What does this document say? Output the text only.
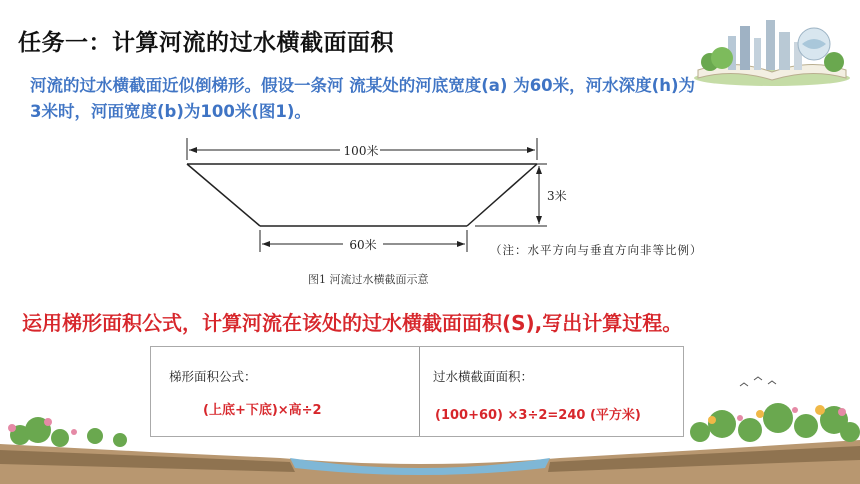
任务一：计算河流的过水横截面面积
河流的过水横截面近似倒梯形。假设一条河 流某处的河底宽度(a) 为60米，河水深度(h)为3米时，河面宽度(b)为100米(图1)。
100米
3米
60米	（注：水平方向与垂直方向非等比例）
图1 河流过水横截面示意
运用梯形面积公式，计算河流在该处的过水横截面面积(S),写出计算过程。
梯形面积公式：
(上底+下底)×高÷2
过水横截面面积：
(100+60) ×3÷2=240 (平方米)
